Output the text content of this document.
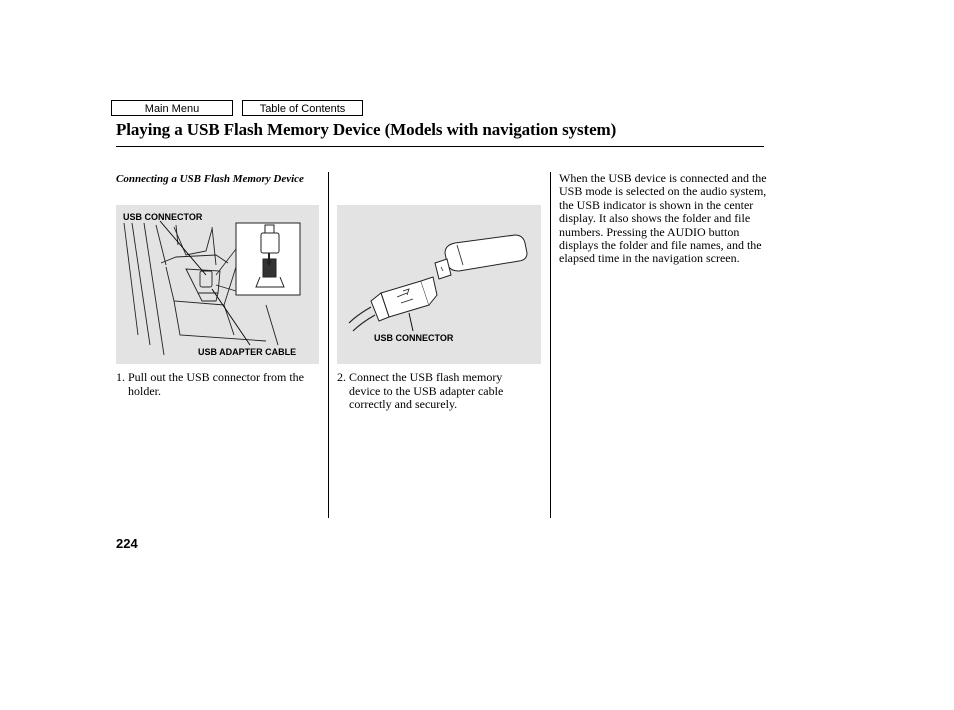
Main Menu	Table of Contents
Playing a USB Flash Memory Device (Models with navigation system)
Connecting a USB Flash Memory Device
USB CONNECTOR
USB ADAPTER CABLE
USB CONNECTOR
1. Pull out the USB connector from the holder.
2. Connect the USB flash memory device to the USB adapter cable correctly and securely.
When the USB device is connected and the USB mode is selected on the audio system, the USB indicator is shown in the center display. It also shows the folder and file numbers. Pressing the AUDIO button displays the folder and file names, and the elapsed time in the navigation screen.
224
